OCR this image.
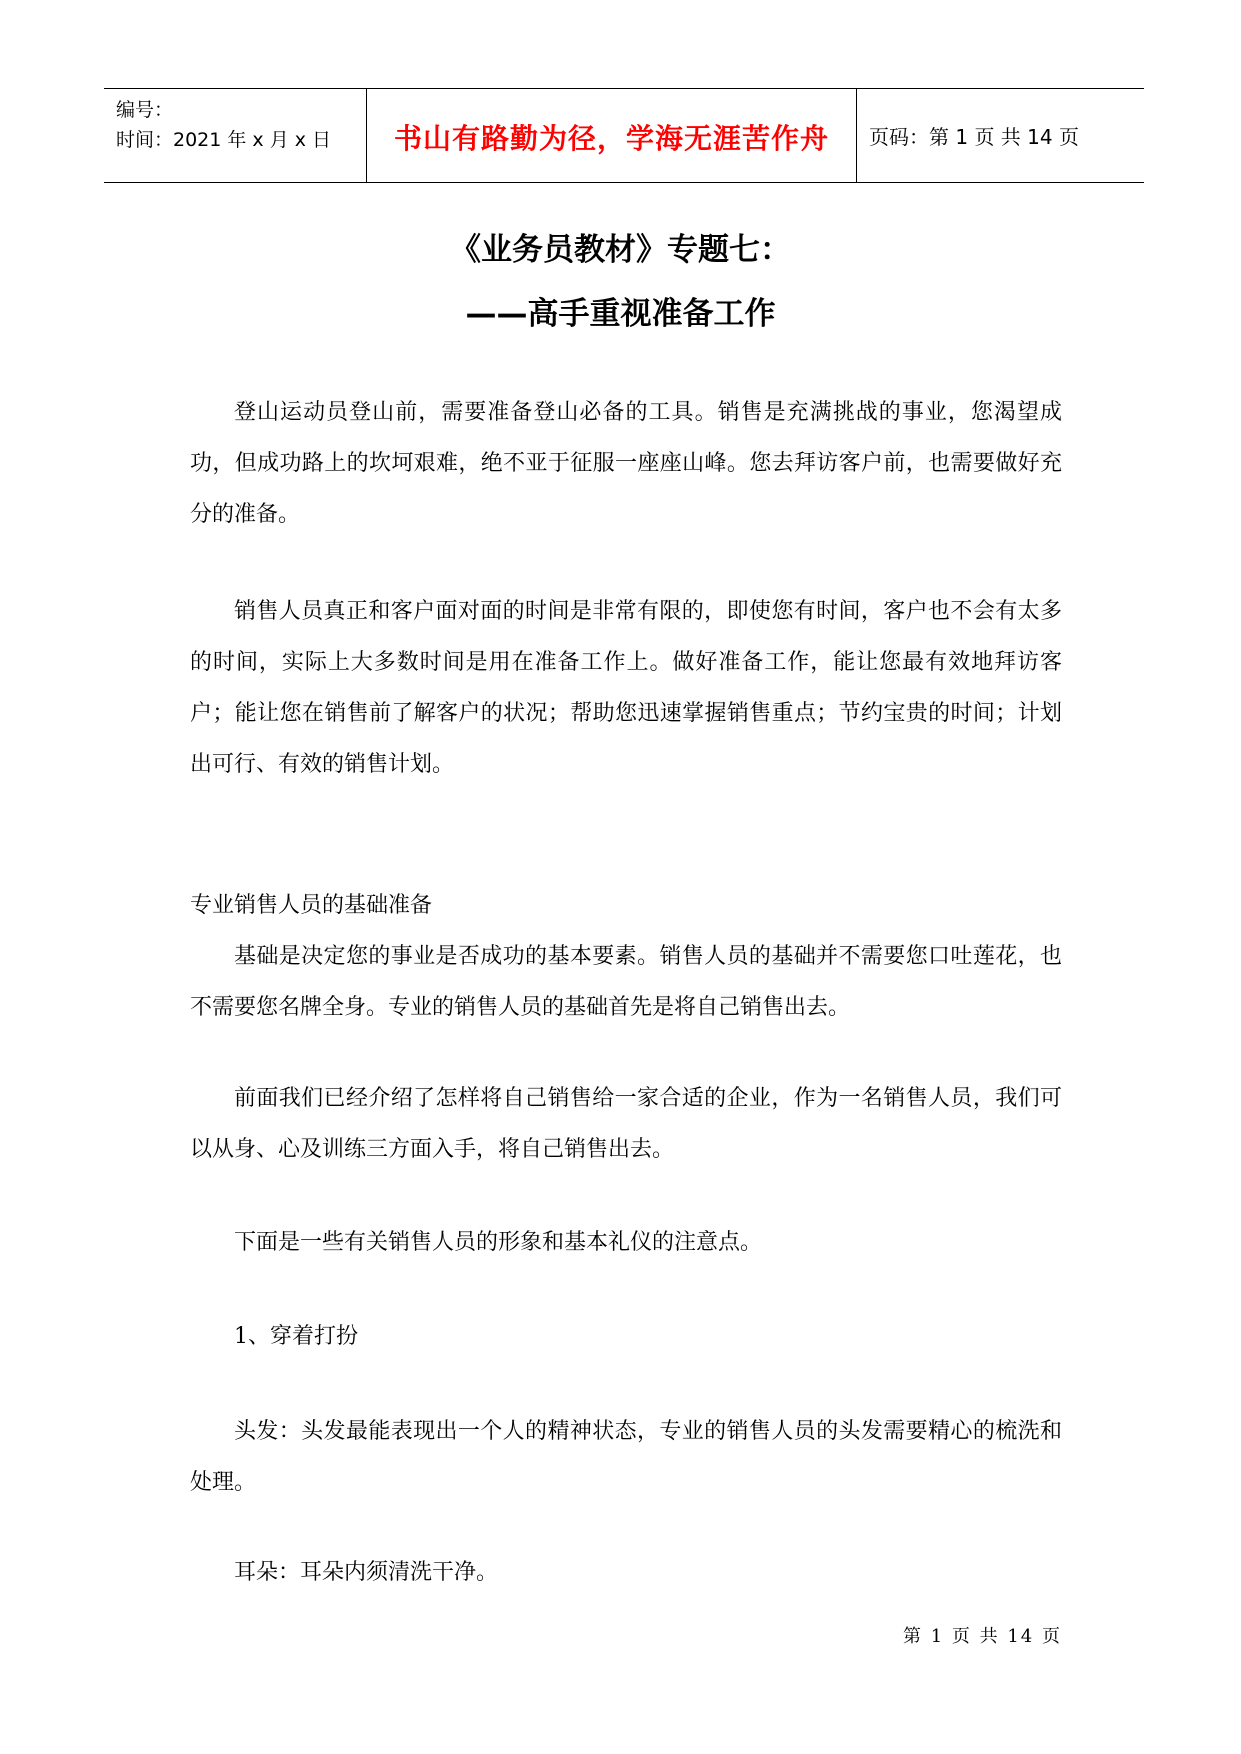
编号：
时间：2021 年 x 月 x 日	书山有路勤为径，学海无涯苦作舟	页码：第 1 页 共 14 页
《业务员教材》专题七：
——高手重视准备工作

登山运动员登山前，需要准备登山必备的工具。销售是充满挑战的事业，您渴望成功，但成功路上的坎坷艰难，绝不亚于征服一座座山峰。您去拜访客户前，也需要做好充分的准备。

销售人员真正和客户面对面的时间是非常有限的，即使您有时间，客户也不会有太多的时间，实际上大多数时间是用在准备工作上。做好准备工作，能让您最有效地拜访客户；能让您在销售前了解客户的状况；帮助您迅速掌握销售重点；节约宝贵的时间；计划出可行、有效的销售计划。

专业销售人员的基础准备

基础是决定您的事业是否成功的基本要素。销售人员的基础并不需要您口吐莲花，也不需要您名牌全身。专业的销售人员的基础首先是将自己销售出去。

前面我们已经介绍了怎样将自己销售给一家合适的企业，作为一名销售人员，我们可以从身、心及训练三方面入手，将自己销售出去。

下面是一些有关销售人员的形象和基本礼仪的注意点。

1、穿着打扮

头发：头发最能表现出一个人的精神状态，专业的销售人员的头发需要精心的梳洗和处理。

耳朵：耳朵内须清洗干净。

第 1 页 共 14 页
